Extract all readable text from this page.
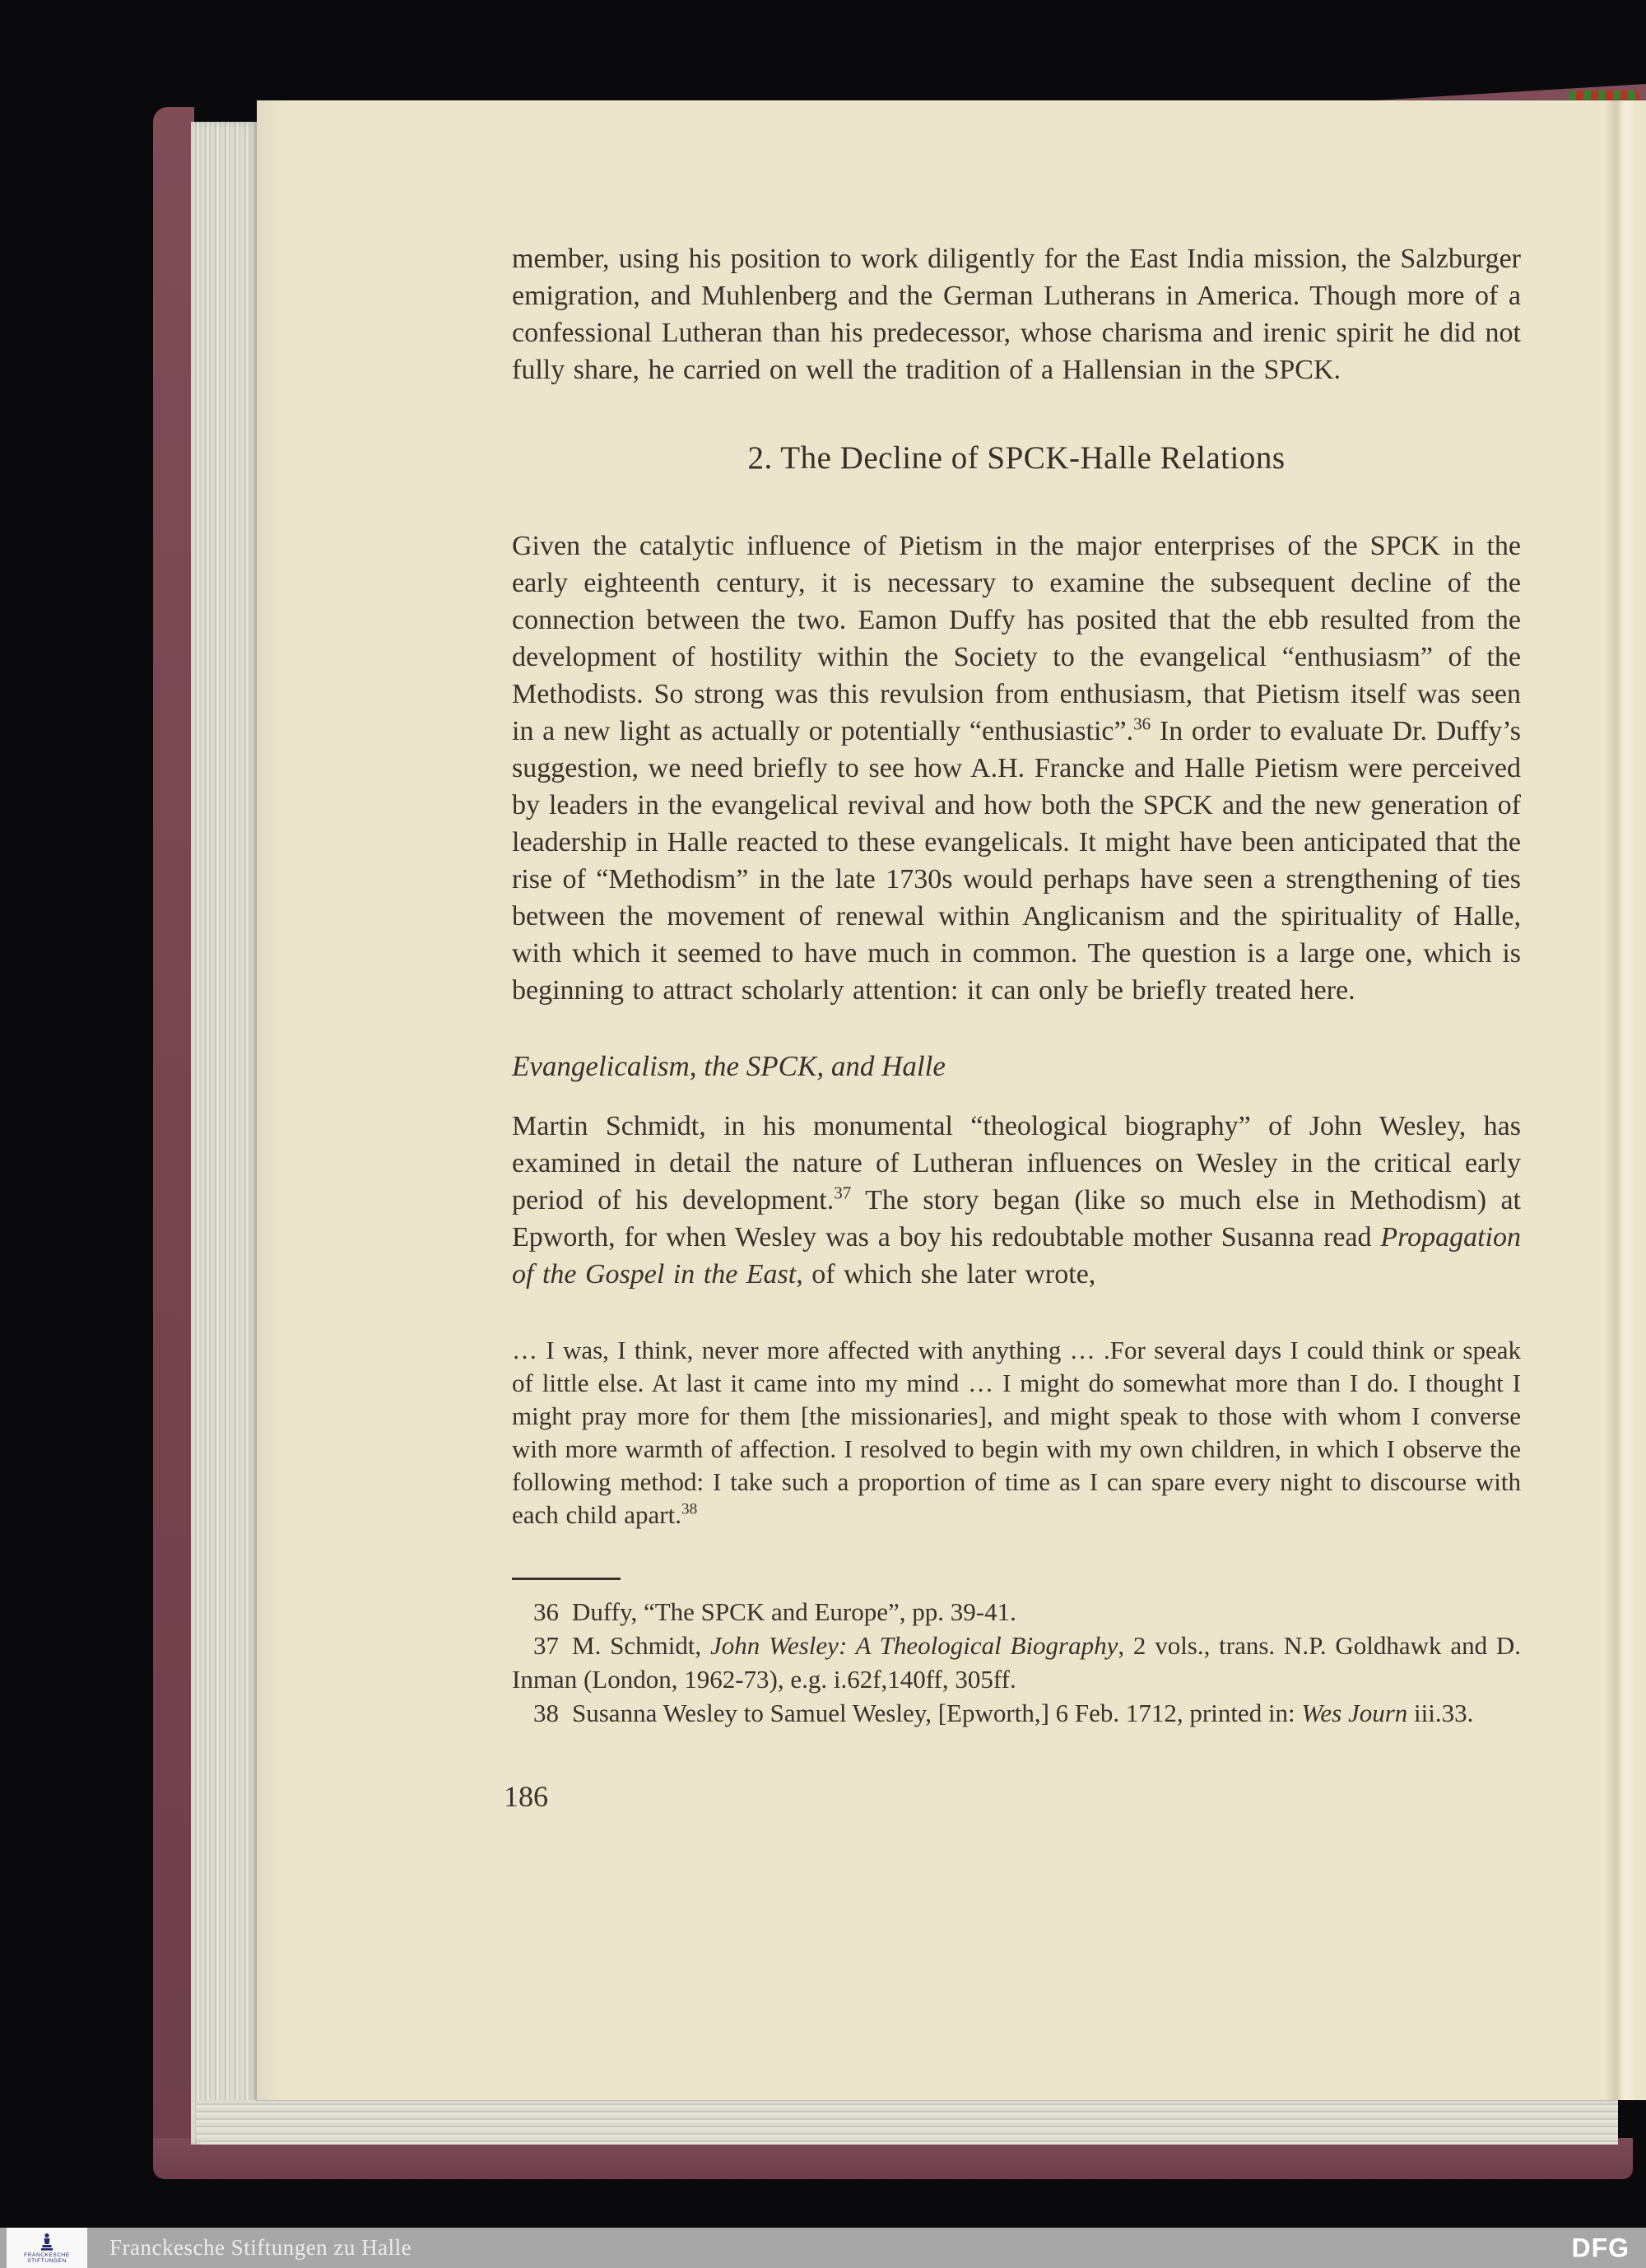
member, using his position to work diligently for the East India mission, the Salzburger emigration, and Muhlenberg and the German Lutherans in America. Though more of a confessional Lutheran than his predecessor, whose charisma and irenic spirit he did not fully share, he carried on well the tradition of a Hallensian in the SPCK.

2. The Decline of SPCK-Halle Relations

Given the catalytic influence of Pietism in the major enterprises of the SPCK in the early eighteenth century, it is necessary to examine the subsequent decline of the connection between the two. Eamon Duffy has posited that the ebb resulted from the development of hostility within the Society to the evangelical “enthusiasm” of the Methodists. So strong was this revulsion from enthusiasm, that Pietism itself was seen in a new light as actually or potentially “enthusiastic”.$^{36}$ In order to evaluate Dr. Duffy’s suggestion, we need briefly to see how A.H. Francke and Halle Pietism were perceived by leaders in the evangelical revival and how both the SPCK and the new generation of leadership in Halle reacted to these evangelicals. It might have been anticipated that the rise of “Methodism” in the late 1730s would perhaps have seen a strengthening of ties between the movement of renewal within Anglicanism and the spirituality of Halle, with which it seemed to have much in common. The question is a large one, which is beginning to attract scholarly attention: it can only be briefly treated here.

Evangelicalism, the SPCK, and Halle

Martin Schmidt, in his monumental “theological biography” of John Wesley, has examined in detail the nature of Lutheran influences on Wesley in the critical early period of his development.$^{37}$ The story began (like so much else in Methodism) at Epworth, for when Wesley was a boy his redoubtable mother Susanna read Propagation of the Gospel in the East, of which she later wrote,

… I was, I think, never more affected with anything … .For several days I could think or speak of little else. At last it came into my mind … I might do somewhat more than I do. I thought I might pray more for them [the missionaries], and might speak to those with whom I converse with more warmth of affection. I resolved to begin with my own children, in which I observe the following method: I take such a proportion of time as I can spare every night to discourse with each child apart.$^{38}$

36 Duffy, “The SPCK and Europe”, pp. 39-41.

37 M. Schmidt, John Wesley: A Theological Biography, 2 vols., trans. N.P. Goldhawk and D. Inman (London, 1962-73), e.g. i.62f,140ff, 305ff.

38 Susanna Wesley to Samuel Wesley, [Epworth,] 6 Feb. 1712, printed in: Wes Journ iii.33.

186
FRANCKESCHE
STIFTUNGEN
Franckesche Stiftungen zu Halle	DFG
